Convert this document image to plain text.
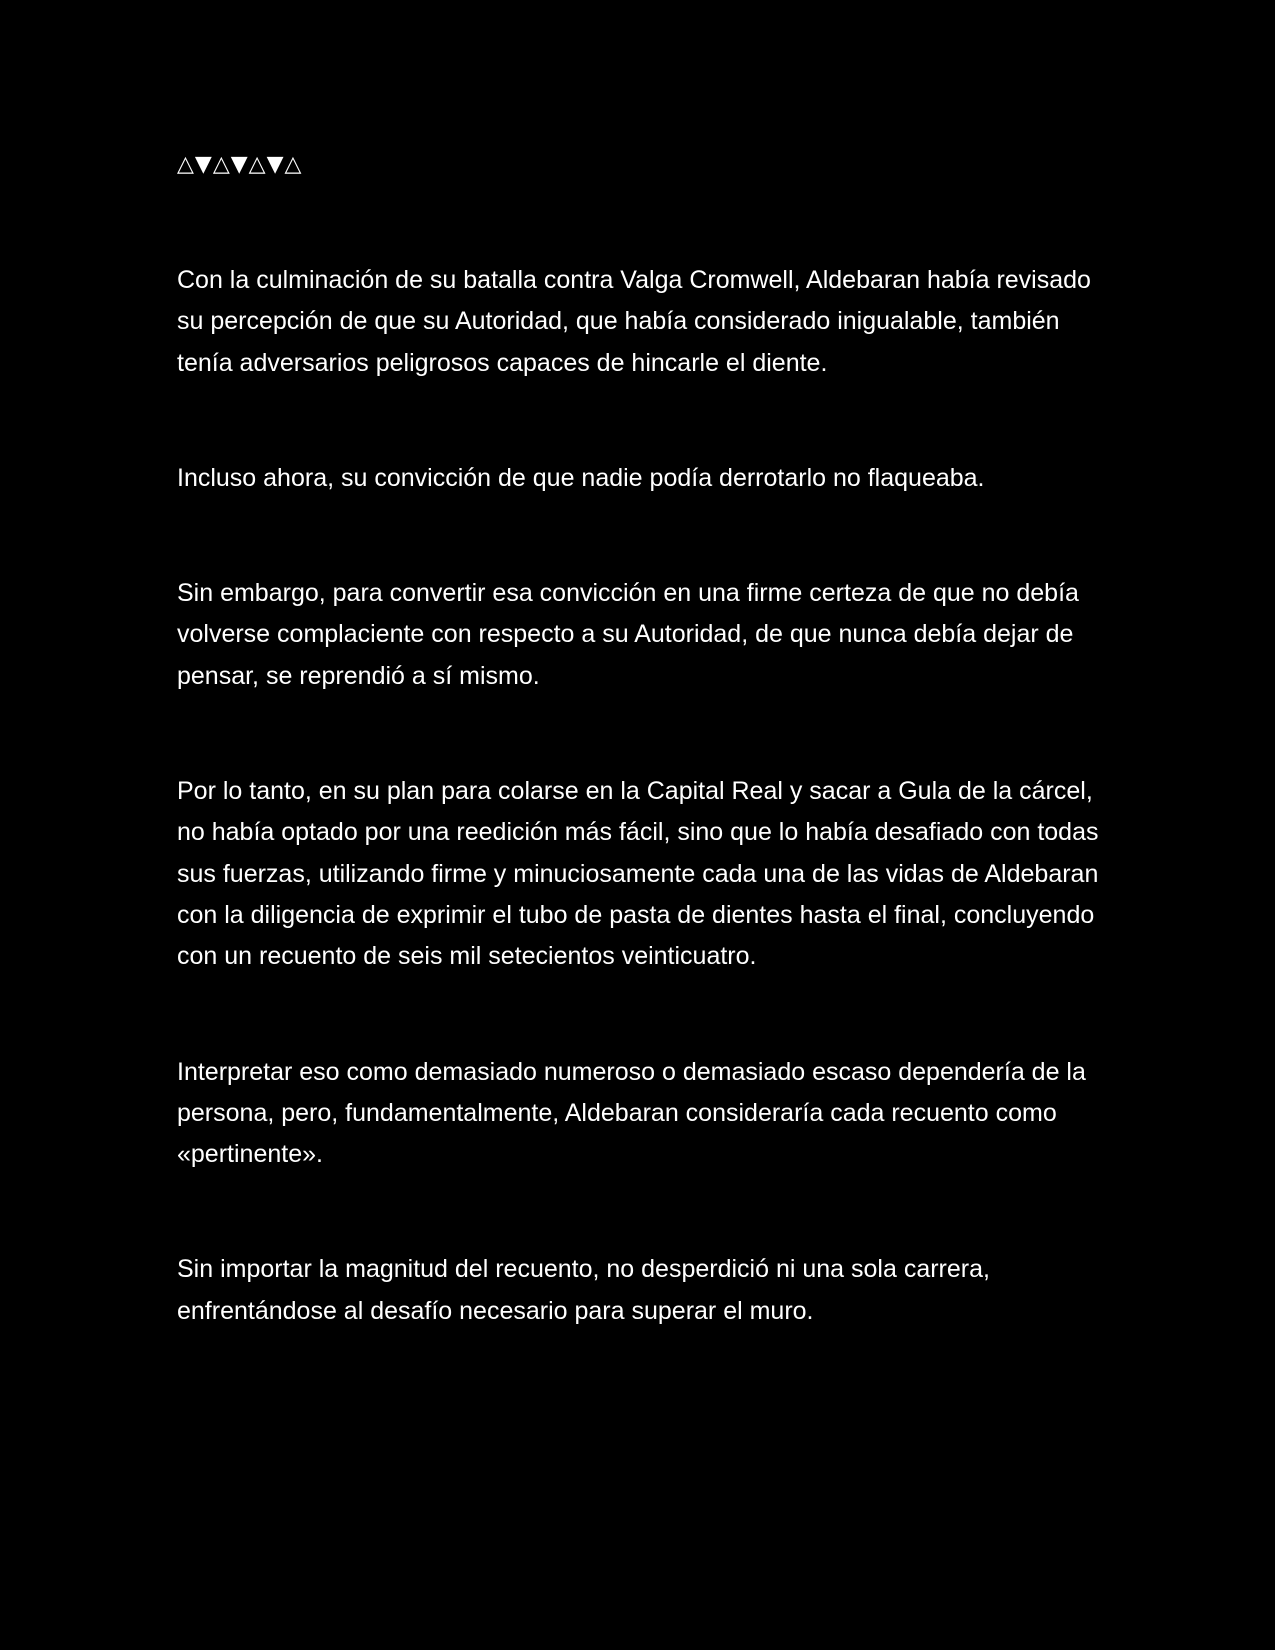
△▼△▼△▼△

Con la culminación de su batalla contra Valga Cromwell, Aldebaran había revisado su percepción de que su Autoridad, que había considerado inigualable, también tenía adversarios peligrosos capaces de hincarle el diente.

Incluso ahora, su convicción de que nadie podía derrotarlo no flaqueaba.

Sin embargo, para convertir esa convicción en una firme certeza de que no debía volverse complaciente con respecto a su Autoridad, de que nunca debía dejar de pensar, se reprendió a sí mismo.

Por lo tanto, en su plan para colarse en la Capital Real y sacar a Gula de la cárcel, no había optado por una reedición más fácil, sino que lo había desafiado con todas sus fuerzas, utilizando firme y minuciosamente cada una de las vidas de Aldebaran con la diligencia de exprimir el tubo de pasta de dientes hasta el final, concluyendo con un recuento de seis mil setecientos veinticuatro.

Interpretar eso como demasiado numeroso o demasiado escaso dependería de la persona, pero, fundamentalmente, Aldebaran consideraría cada recuento como «pertinente».

Sin importar la magnitud del recuento, no desperdició ni una sola carrera, enfrentándose al desafío necesario para superar el muro.
